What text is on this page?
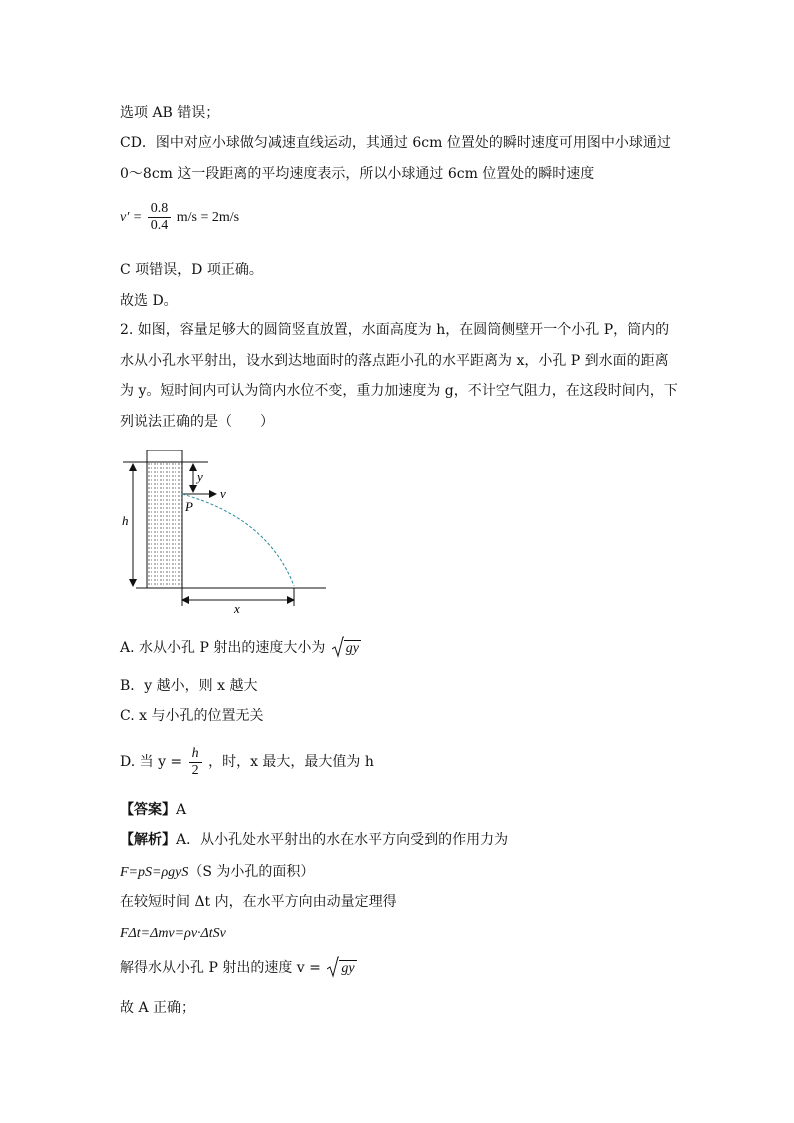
选项 AB 错误；
CD．图中对应小球做匀减速直线运动，其通过 6cm 位置处的瞬时速度可用图中小球通过
0～8cm 这一段距离的平均速度表示，所以小球通过 6cm 位置处的瞬时速度
$v' = \frac{0.8}{0.4} m/s = 2m/s$
C 项错误，D 项正确。
故选 D。
2. 如图，容量足够大的圆筒竖直放置，水面高度为 h，在圆筒侧壁开一个小孔 P，筒内的
水从小孔水平射出，设水到达地面时的落点距小孔的水平距离为 x，小孔 P 到水面的距离
为 y。短时间内可认为筒内水位不变，重力加速度为 g，不计空气阻力，在这段时间内，下
列说法正确的是（　　）
h
y
v
P
x
A. 水从小孔 P 射出的速度大小为 gy
B．y 越小，则 x 越大
C. x 与小孔的位置无关
D. 当 $y = \frac{h}{2}$ ，时，x 最大，最大值为 h
【答案】A
【解析】A．从小孔处水平射出的水在水平方向受到的作用力为
F=pS=ρgyS（S 为小孔的面积）
在较短时间 Δt 内，在水平方向由动量定理得
FΔt=Δmv=ρv·ΔtSv
解得水从小孔 P 射出的速度 v = gy
故 A 正确；
